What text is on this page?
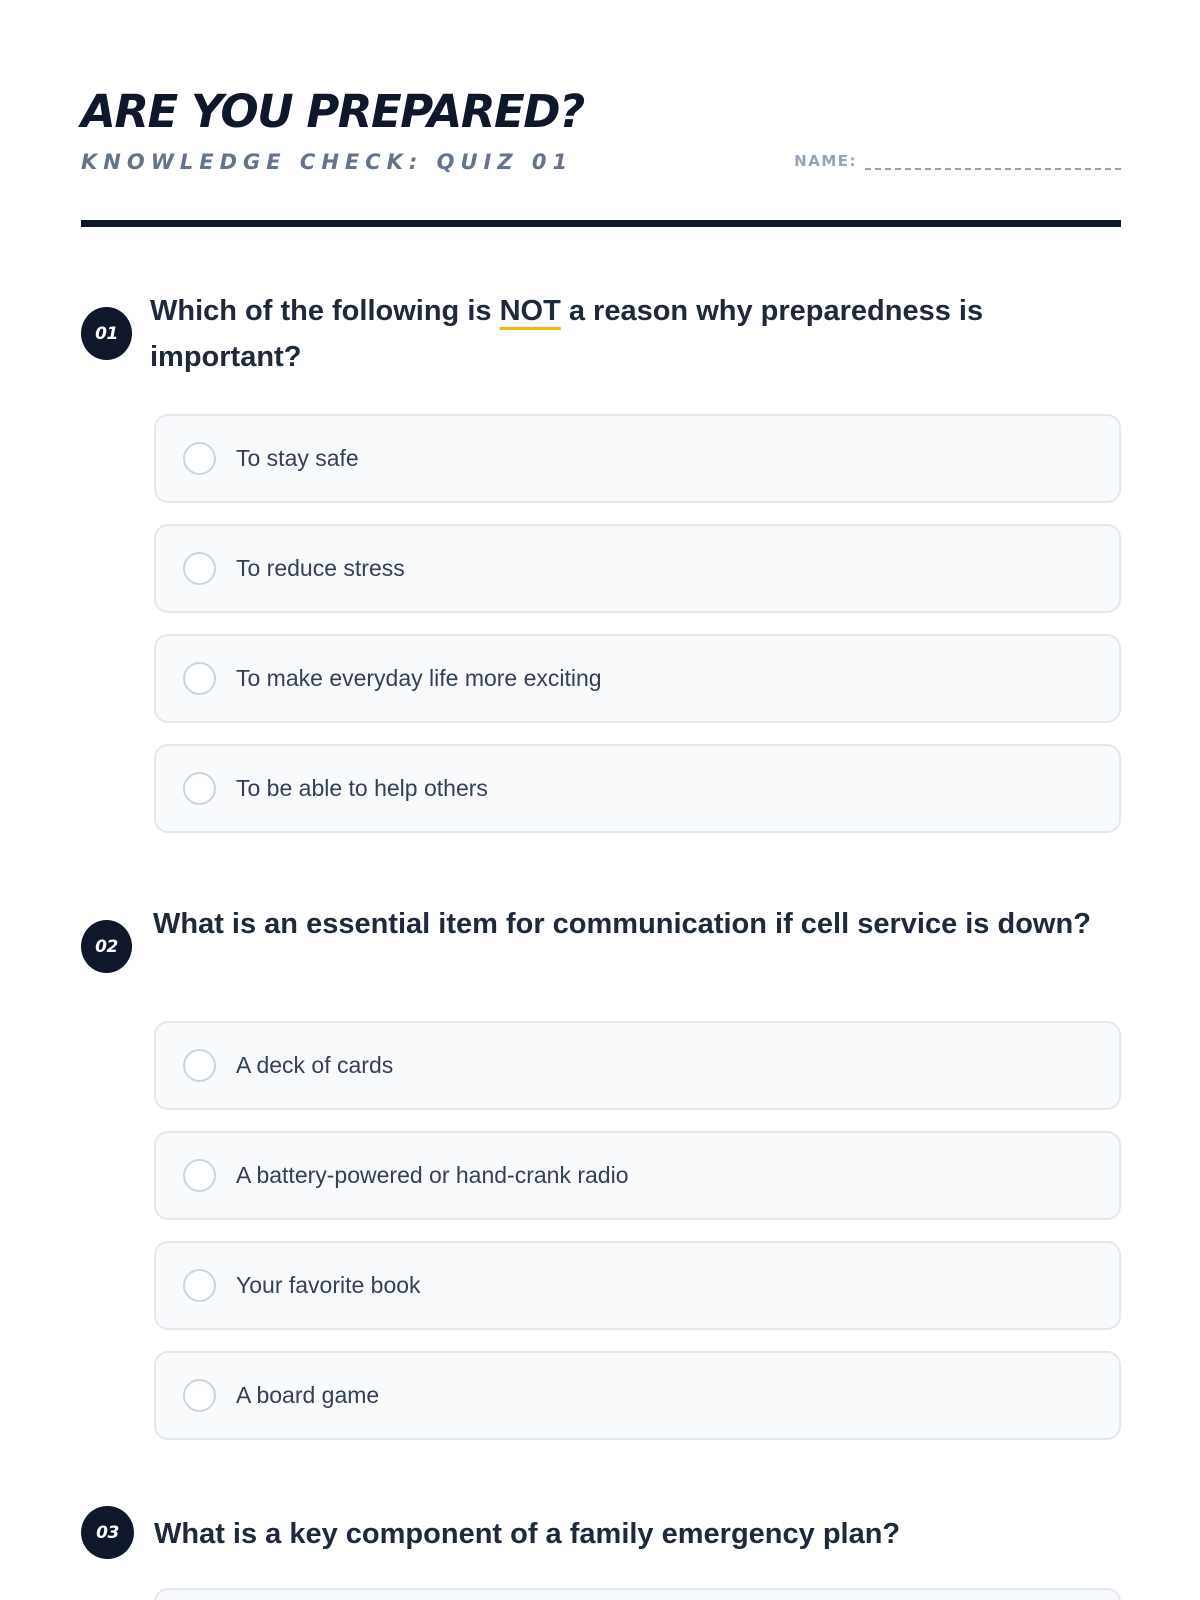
ARE YOU PREPARED?
KNOWLEDGE CHECK: QUIZ 01	NAME:
01
Which of the following is NOT a reason why preparedness is important?
To stay safe
To reduce stress
To make everyday life more exciting
To be able to help others
02
What is an essential item for communication if cell service is down?
A deck of cards
A battery-powered or hand-crank radio
Your favorite book
A board game
03	What is a key component of a family emergency plan?
